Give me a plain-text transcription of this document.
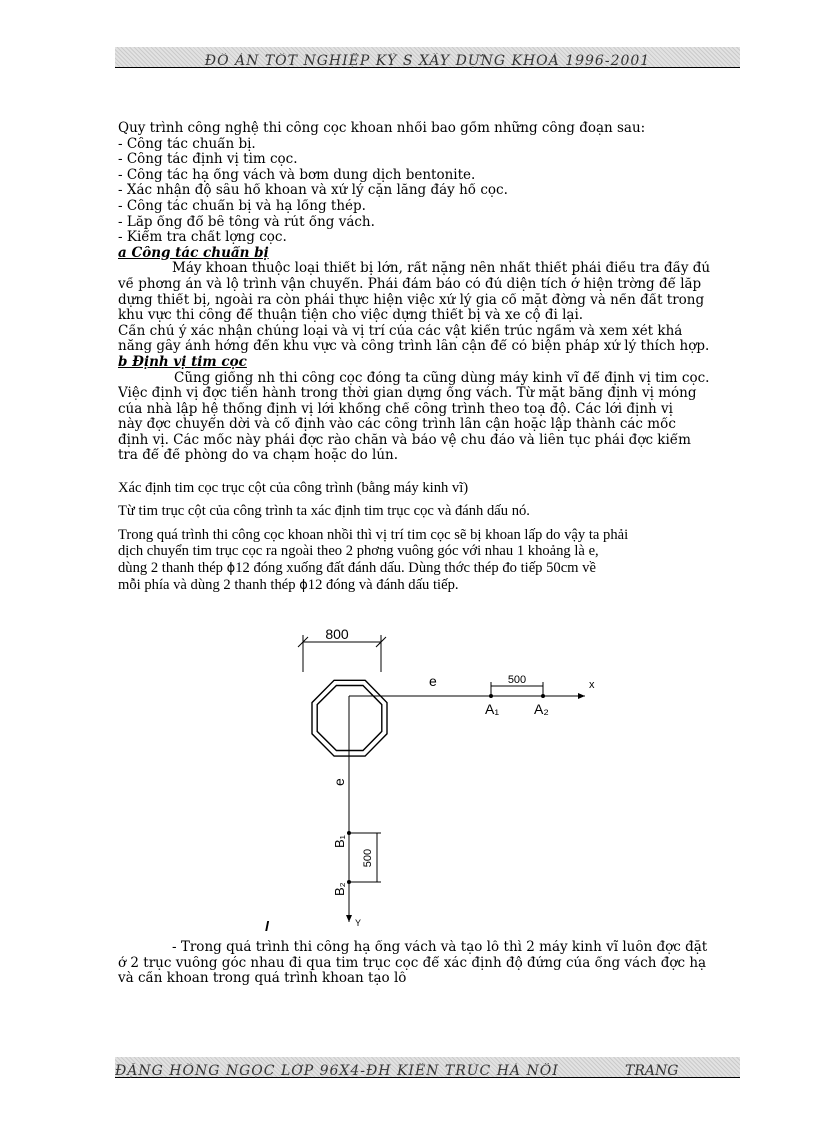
ĐỒ ÁN TỐT NGHIỆP KỸ S XÂY DỰNG KHOÁ 1996-2001

Quy trình công nghệ thi công cọc khoan nhồi bao gồm những công đoạn sau:

- Công tác chuẩn bị.

- Công tác định vị tim cọc.

- Công tác hạ ống vách và bơm dung dịch bentonite.

- Xác nhận độ sâu hố khoan và xử lý cặn lắng đáy hố cọc.

- Công tác chuẩn bị và hạ lồng thép.

- Lắp ống đổ bê tông và rút ống vách.

- Kiểm tra chất lợng cọc.

a Công tác chuẩn bị

Máy khoan thuộc loại thiết bị lớn, rất nặng nên nhất thiết phải điều tra đầy đủ

về phơng án và lộ trình vận chuyển. Phải đảm bảo có đủ diện tích ở hiện trờng để lắp

dựng thiết bị, ngoài ra còn phải thực hiện việc xử lý gia cố mặt đờng và nền đất trong

khu vực thi công để thuận tiện cho việc dựng thiết bị và xe cộ đi lại.

Cần chú ý xác nhận chủng loại và vị trí của các vật kiến trúc ngầm và xem xét khả

năng gây ảnh hởng đến khu vực và công trình lân cận để có biện pháp xử lý thích hợp.

b Định vị tim cọc

Cũng giống nh thi công cọc đóng ta cũng dùng máy kinh vĩ để định vị tim cọc.

Việc định vị đợc tiến hành trong thời gian dựng ống vách. Từ mặt bằng định vị móng

của nhà lập hệ thống định vị lới khống chế công trình theo toạ độ. Các lới định vị

này đợc chuyển dời và cố định vào các công trình lân cận hoặc lập thành các mốc

định vị. Các mốc này phải đợc rào chắn và bảo vệ chu đáo và liên tục phải đợc kiểm

tra để đề phòng do va chạm hoặc do lún.

Xác định tim cọc trục cột của công trình (bằng máy kinh vĩ)

Từ tim trục cột của công trình ta xác định tim trục cọc và đánh dấu nó.

Trong quá trình thi công cọc khoan nhồi thì vị trí tim cọc sẽ bị khoan lấp do vậy ta phải

dịch chuyển tim trục cọc ra ngoài theo 2 phơng vuông góc với nhau 1 khoảng là e,

dùng 2 thanh thép ϕ12 đóng xuống đất đánh dấu. Dùng thớc thép đo tiếp 50cm về

mỗi phía và dùng 2 thanh thép ϕ12 đóng và đánh dấu tiếp.

800
x
e	500
A₁ A₂
Y
e
B₁
B₂
500
l

- Trong quá trình thi công hạ ống vách và tạo lỗ thì 2 máy kinh vĩ luôn đợc đặt

ở 2 trục vuông góc nhau đi qua tim trục cọc để xác định độ đứng của ống vách đợc hạ

và cần khoan trong quá trình khoan tạo lỗ

ĐẶNG HỒNG NGỌC LỚP 96X4-ĐH KIẾN TRÚC HÀ NỘI	TRANG
